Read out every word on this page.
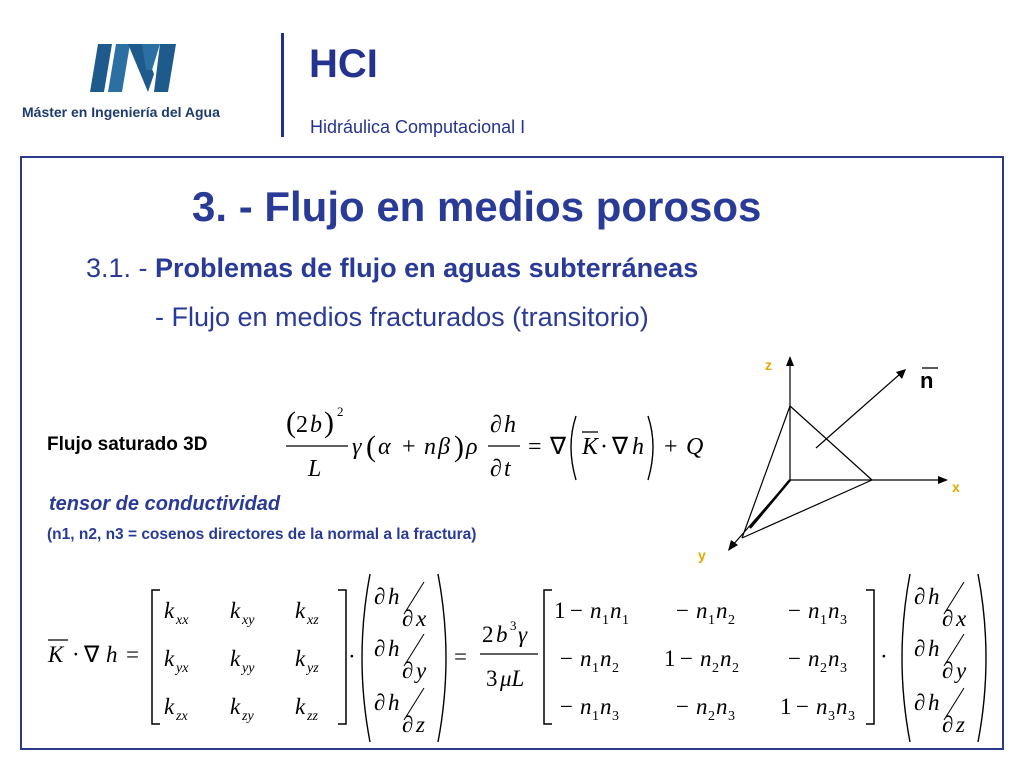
Máster en Ingeniería del Agua
HCI
Hidráulica Computacional I
3. - Flujo en medios porosos
3.1. - Problemas de flujo en aguas subterráneas
- Flujo en medios fracturados (transitorio)
Flujo saturado 3D
tensor de conductividad
(n1, n2, n3 = cosenos directores de la normal a la fractura)
( 2 b ) 2
L
γ ( α + n β ) ρ
∂ h
∂ t
= ∇ K · ∇ h + Q
z
x
y
n
K · ∇ h =
k xx k xy k xz
k yx k yy k yz
k zx k zy k zz
·
∂ h
∂ x
∂ h
∂ y
∂ h
∂ z
=
2 b 3 γ
3 μL
1 − n 1 n 1 − n 1 n 2 − n 1 n 3
− n 1 n 2 1 − n 2 n 2 − n 2 n 3
− n 1 n 3 − n 2 n 3 1 − n 3 n 3
·
∂ h
∂ x
∂ h
∂ y
∂ h
∂ z
